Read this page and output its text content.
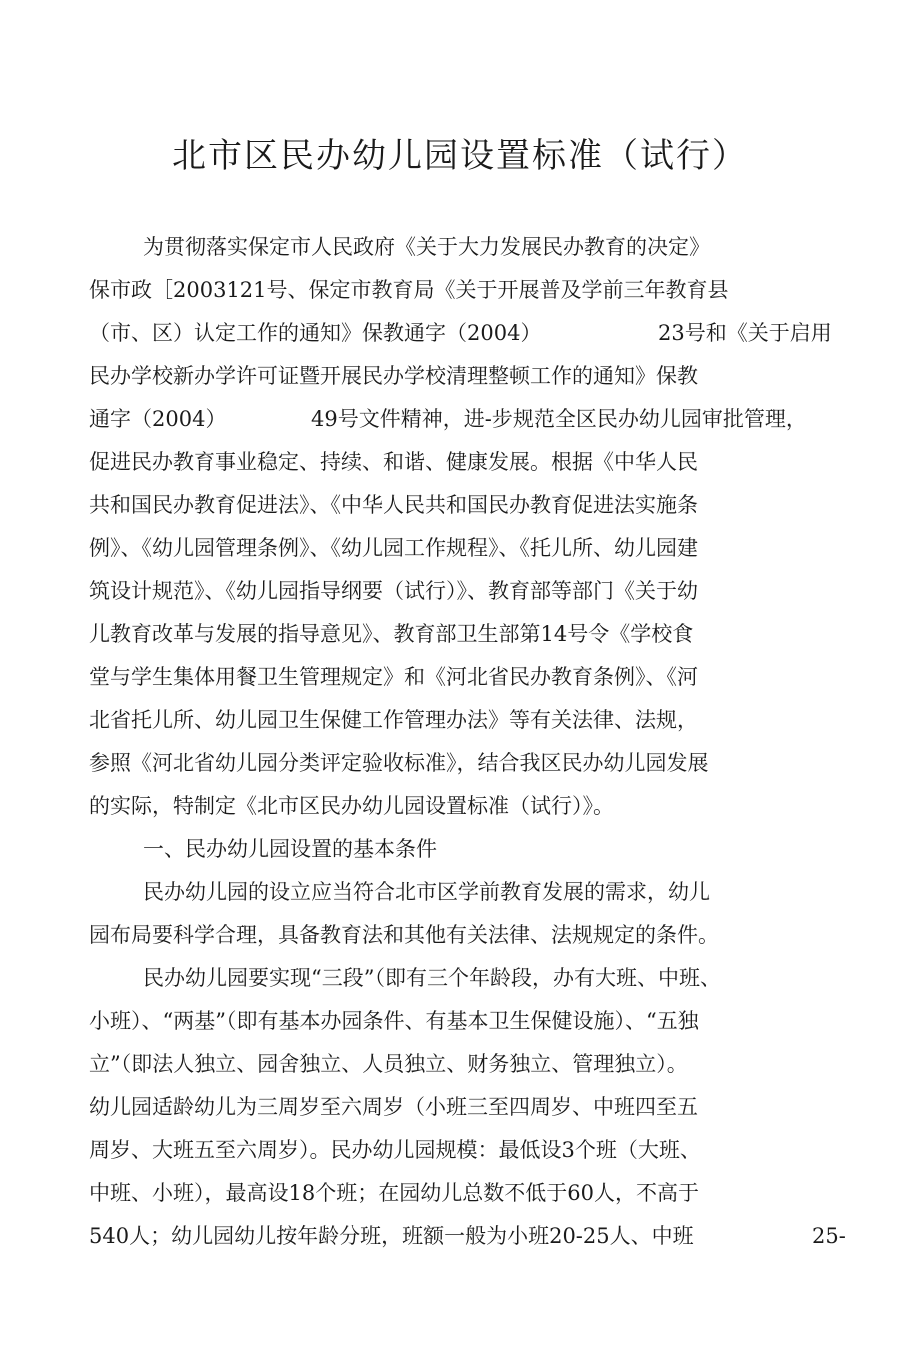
北市区民办幼儿园设置标准（试行）
为贯彻落实保定市人民政府《关于大力发展民办教育的决定》
保市政［2003121号、保定市教育局《关于开展普及学前三年教育县
（市、区）认定工作的通知》保教通字（2004）	23号和《关于启用
民办学校新办学许可证暨开展民办学校清理整顿工作的通知》保教
通字（2004）	49号文件精神，进-步规范全区民办幼儿园审批管理，
促进民办教育事业稳定、持续、和谐、健康发展。根据《中华人民
共和国民办教育促进法》、《中华人民共和国民办教育促进法实施条
例》、《幼儿园管理条例》、《幼儿园工作规程》、《托儿所、幼儿园建
筑设计规范》、《幼儿园指导纲要（试行）》、教育部等部门《关于幼
儿教育改革与发展的指导意见》、教育部卫生部第14号令《学校食
堂与学生集体用餐卫生管理规定》和《河北省民办教育条例》、《河
北省托儿所、幼儿园卫生保健工作管理办法》等有关法律、法规，
参照《河北省幼儿园分类评定验收标准》，结合我区民办幼儿园发展
的实际，特制定《北市区民办幼儿园设置标准（试行）》。
一、民办幼儿园设置的基本条件
民办幼儿园的设立应当符合北市区学前教育发展的需求，幼儿
园布局要科学合理，具备教育法和其他有关法律、法规规定的条件。
民办幼儿园要实现“三段”（即有三个年龄段，办有大班、中班、
小班）、“两基”（即有基本办园条件、有基本卫生保健设施）、“五独
立”（即法人独立、园舍独立、人员独立、财务独立、管理独立）。
幼儿园适龄幼儿为三周岁至六周岁（小班三至四周岁、中班四至五
周岁、大班五至六周岁）。民办幼儿园规模：最低设3个班（大班、
中班、小班），最高设18个班；在园幼儿总数不低于60人，不高于
540人；幼儿园幼儿按年龄分班，班额一般为小班20-25人、中班	25-
